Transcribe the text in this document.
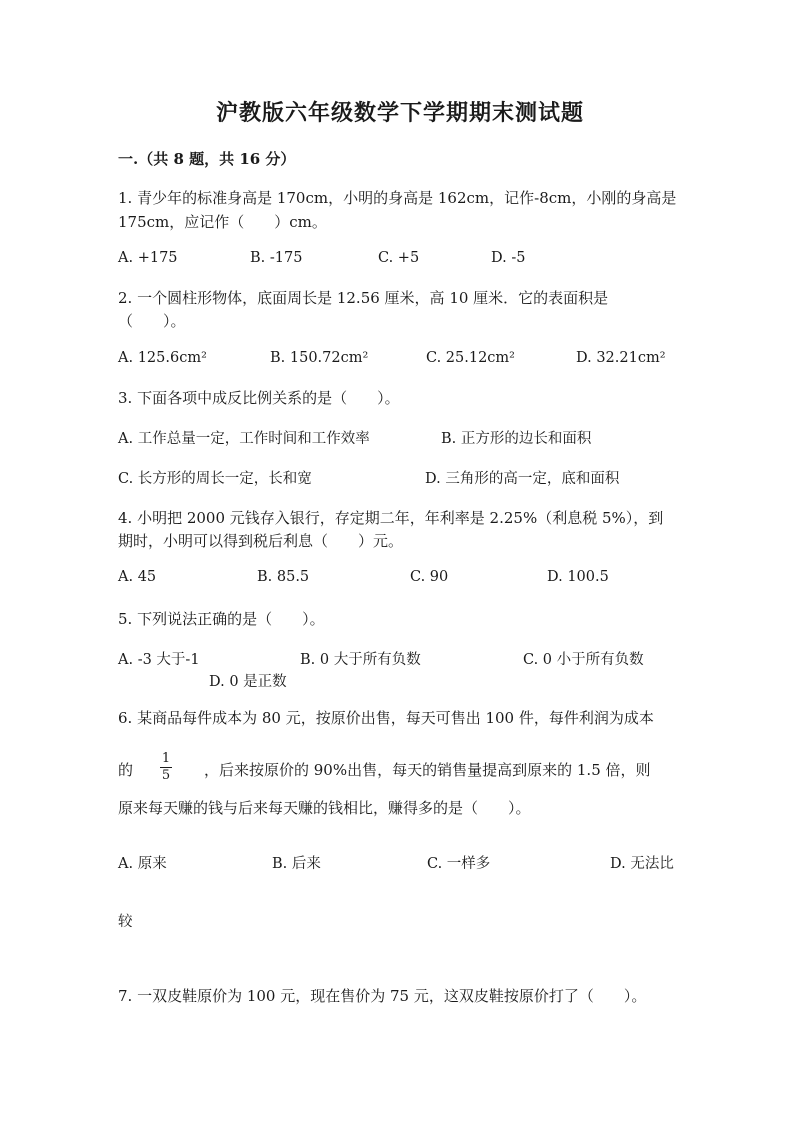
沪教版六年级数学下学期期末测试题
一.（共 8 题，共 16 分）
1. 青少年的标准身高是 170cm，小明的身高是 162cm，记作-8cm，小刚的身高是
175cm，应记作（　　）cm。
A. +175	B. -175	C. +5	D. -5
2. 一个圆柱形物体，底面周长是 12.56 厘米，高 10 厘米．它的表面积是
（　　）。
A. 125.6cm²	B. 150.72cm²	C. 25.12cm²	D. 32.21cm²
3. 下面各项中成反比例关系的是（　　）。
A. 工作总量一定，工作时间和工作效率	B. 正方形的边长和面积
C. 长方形的周长一定，长和宽	D. 三角形的高一定，底和面积
4. 小明把 2000 元钱存入银行，存定期二年，年利率是 2.25%（利息税 5%），到
期时，小明可以得到税后利息（　　）元。
A. 45	B. 85.5	C. 90	D. 100.5
5. 下列说法正确的是（　　）。
A. -3 大于-1	B. 0 大于所有负数	C. 0 小于所有负数
D. 0 是正数
6. 某商品每件成本为 80 元，按原价出售，每天可售出 100 件，每件利润为成本
的
1
5 ，后来按原价的 90%出售，每天的销售量提高到原来的 1.5 倍，则
原来每天赚的钱与后来每天赚的钱相比，赚得多的是（　　）。
A. 原来	B. 后来	C. 一样多	D. 无法比
较
7. 一双皮鞋原价为 100 元，现在售价为 75 元，这双皮鞋按原价打了（　　）。
